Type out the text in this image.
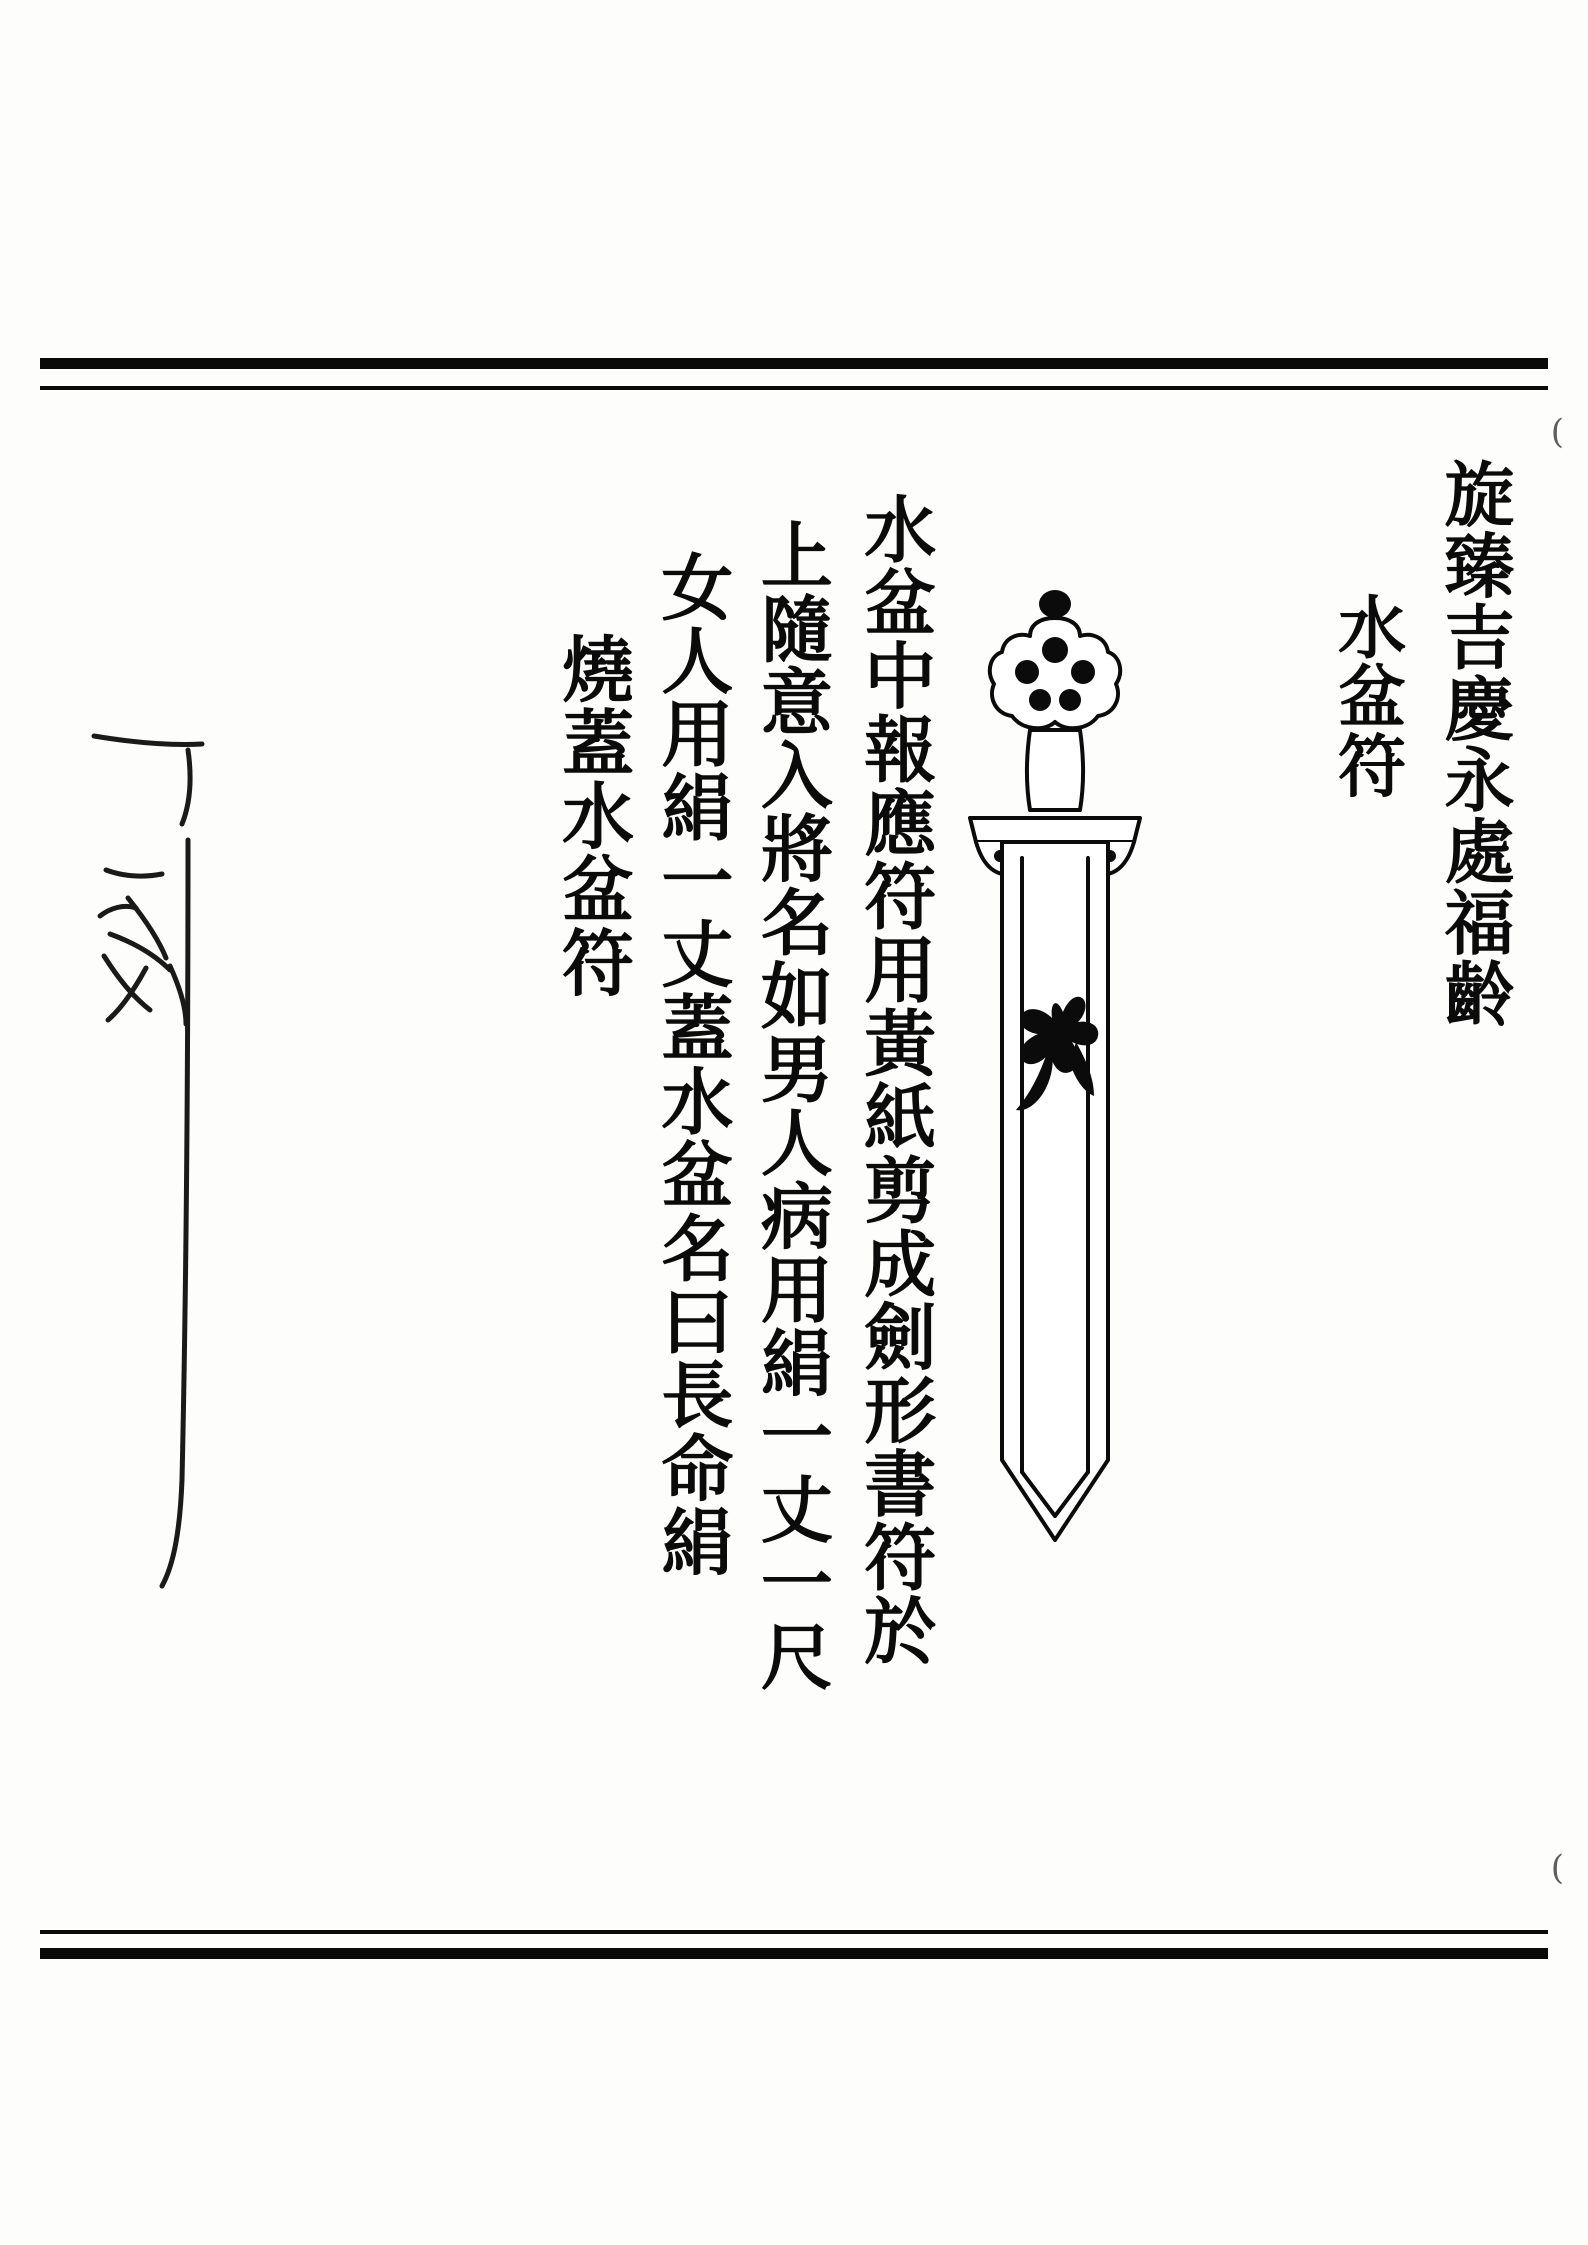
(
(
旋臻吉慶永處福齡
水盆符
水盆中報應符用黃紙剪成劍形書符於
上隨意入將名如男人病用絹一丈一尺
女人用絹一丈蓋水盆名曰長命絹
燒蓋水盆符
